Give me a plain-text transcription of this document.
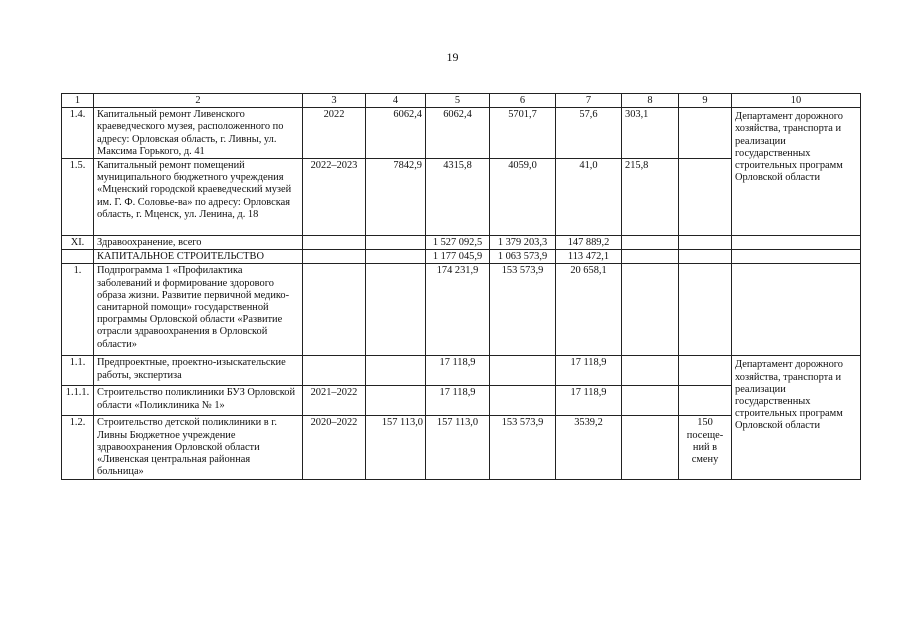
19
1	2	3	4	5	6	7	8	9	10
1.4.	Капитальный ремонт Ливенского краеведческого музея, расположенного по адресу: Орловская область, г. Ливны, ул. Максима Горького, д. 41	2022	6062,4	6062,4	5701,7	57,6	303,1		Департамент дорожного хозяйства, транспорта и реализации государственных строительных программ Орловской области
1.5.	Капитальный ремонт помещений муниципального бюджетного учреждения «Мценский городской краеведческий музей им. Г. Ф. Соловье-ва» по адресу: Орловская область, г. Мценск, ул. Ленина, д. 18	2022–2023	7842,9	4315,8	4059,0	41,0	215,8		
XI.	Здравоохранение, всего			1 527 092,5	1 379 203,3	147 889,2			
	КАПИТАЛЬНОЕ СТРОИТЕЛЬСТВО			1 177 045,9	1 063 573,9	113 472,1			
1.	Подпрограмма 1 «Профилактика заболеваний и формирование здорового образа жизни. Развитие первичной медико-санитарной помощи» государственной программы Орловской области «Развитие отрасли здравоохранения в Орловской области»			174 231,9	153 573,9	20 658,1			
1.1.	Предпроектные, проектно-изыскательские работы, экспертиза			17 118,9		17 118,9			Департамент дорожного хозяйства, транспорта и реализации государственных строительных программ Орловской области
1.1.1.	Строительство поликлиники БУЗ Орловской области «Поликлиника № 1»	2021–2022		17 118,9		17 118,9			
1.2.	Строительство детской поликлиники в г. Ливны Бюджетное учреждение здравоохранения Орловской области «Ливенская центральная районная больница»	2020–2022	157 113,0	157 113,0	153 573,9	3539,2		150 посеще-ний в смену	
